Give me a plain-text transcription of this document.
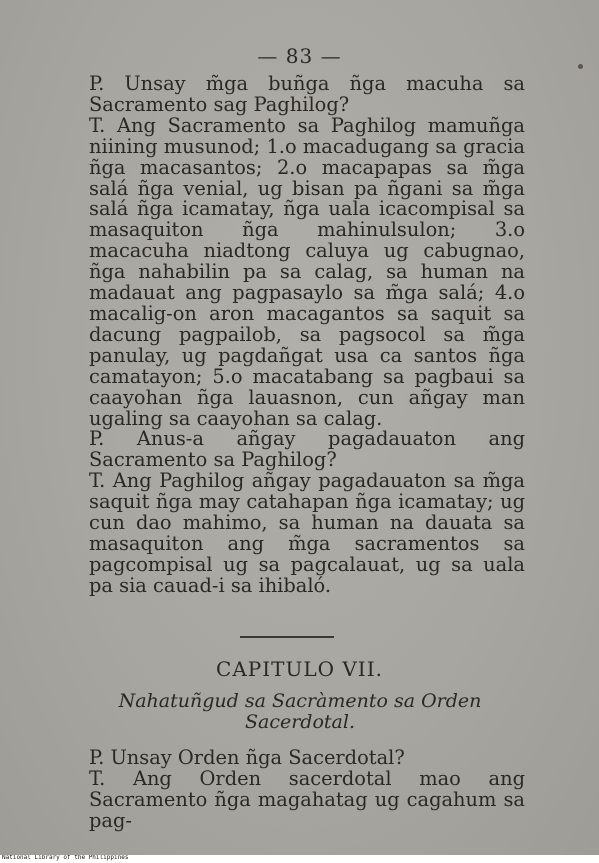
— 83 —

P. Unsay m̃ga buñga ñga macuha sa Sacramento sag Paghilog?

T. Ang Sacramento sa Paghilog mamuñga niining musunod; 1.o macadugang sa gracia ñga macasantos; 2.o macapapas sa m̃ga salá ñga venial, ug bisan pa ñgani sa m̃ga salá ñga icamatay, ñga uala icacompisal sa masaquiton ñga mahinulsulon; 3.o macacuha niadtong caluya ug cabugnao, ñga nahabilin pa sa calag, sa human na madauat ang pagpasaylo sa m̃ga salá; 4.o macalig-on aron macagantos sa saquit sa dacung pagpailob, sa pagsocol sa m̃ga panulay, ug pagdañgat usa ca santos ñga camatayon; 5.o macatabang sa pagbaui sa caayohan ñga lauasnon, cun añgay man ugaling sa caayohan sa calag.

P. Anus-a añgay pagadauaton ang Sacramento sa Paghilog?

T. Ang Paghilog añgay pagadauaton sa m̃ga saquit ñga may catahapan ñga icamatay; ug cun dao mahimo, sa human na dauata sa masaquiton ang m̃ga sacramentos sa pagcompisal ug sa pagcalauat, ug sa uala pa sia cauad-i sa ihibaló.

CAPITULO VII.
Nahatuñgud sa Sacràmento sa Orden
Sacerdotal.

P. Unsay Orden ñga Sacerdotal?

T. Ang Orden sacerdotal mao ang Sacramento ñga magahatag ug cagahum sa pag-

National Library of the Philippines
